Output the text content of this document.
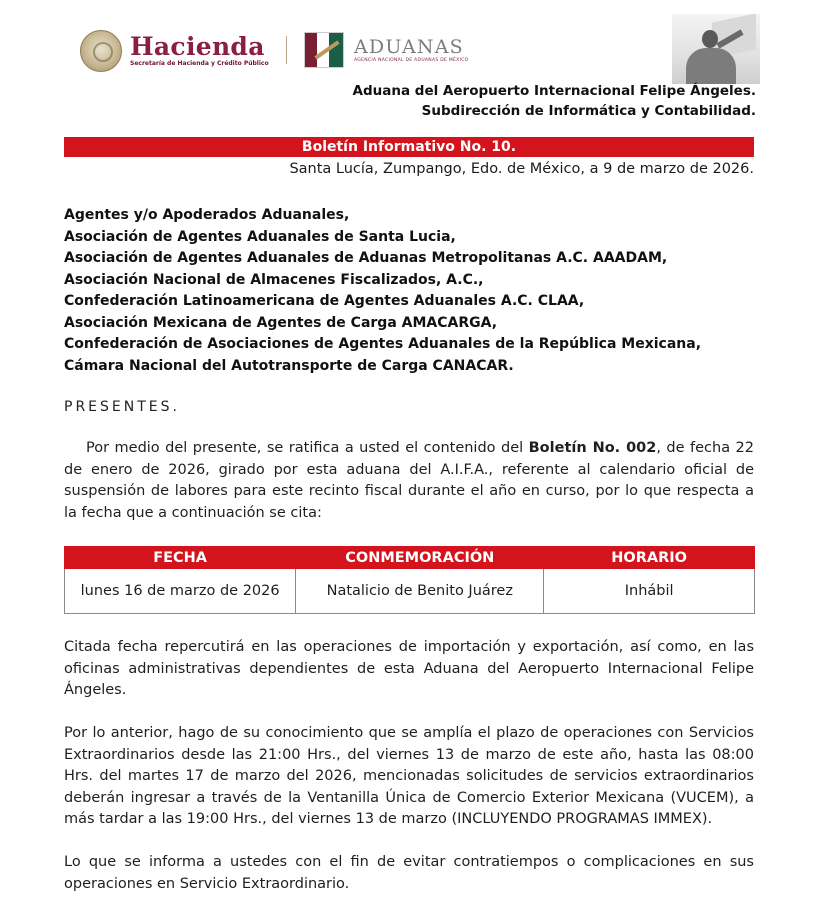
Hacienda
Secretaría de Hacienda y Crédito Público
ADUANAS
AGENCIA NACIONAL DE ADUANAS DE MÉXICO
Aduana del Aeropuerto Internacional Felipe Ángeles.
Subdirección de Informática y Contabilidad.
Boletín Informativo No. 10.
Santa Lucía, Zumpango, Edo. de México, a 9 de marzo de 2026.
Agentes y/o Apoderados Aduanales,
Asociación de Agentes Aduanales de Santa Lucia,
Asociación de Agentes Aduanales de Aduanas Metropolitanas A.C. AAADAM,
Asociación Nacional de Almacenes Fiscalizados, A.C.,
Confederación Latinoamericana de Agentes Aduanales A.C. CLAA,
Asociación Mexicana de Agentes de Carga AMACARGA,
Confederación de Asociaciones de Agentes Aduanales de la República Mexicana,
Cámara Nacional del Autotransporte de Carga CANACAR.
PRESENTES.
Por medio del presente, se ratifica a usted el contenido del Boletín No. 002, de fecha 22 de enero de 2026, girado por esta aduana del A.I.F.A., referente al calendario oficial de suspensión de labores para este recinto fiscal durante el año en curso, por lo que respecta a la fecha que a continuación se cita:
FECHA	CONMEMORACIÓN	HORARIO
lunes 16 de marzo de 2026	Natalicio de Benito Juárez	Inhábil
Citada fecha repercutirá en las operaciones de importación y exportación, así como, en las oficinas administrativas dependientes de esta Aduana del Aeropuerto Internacional Felipe Ángeles.
Por lo anterior, hago de su conocimiento que se amplía el plazo de operaciones con Servicios Extraordinarios desde las 21:00 Hrs., del viernes 13 de marzo de este año, hasta las 08:00 Hrs. del martes 17 de marzo del 2026, mencionadas solicitudes de servicios extraordinarios deberán ingresar a través de la Ventanilla Única de Comercio Exterior Mexicana (VUCEM), a más tardar a las 19:00 Hrs., del viernes 13 de marzo (INCLUYENDO PROGRAMAS IMMEX).
Lo que se informa a ustedes con el fin de evitar contratiempos o complicaciones en sus operaciones en Servicio Extraordinario.
